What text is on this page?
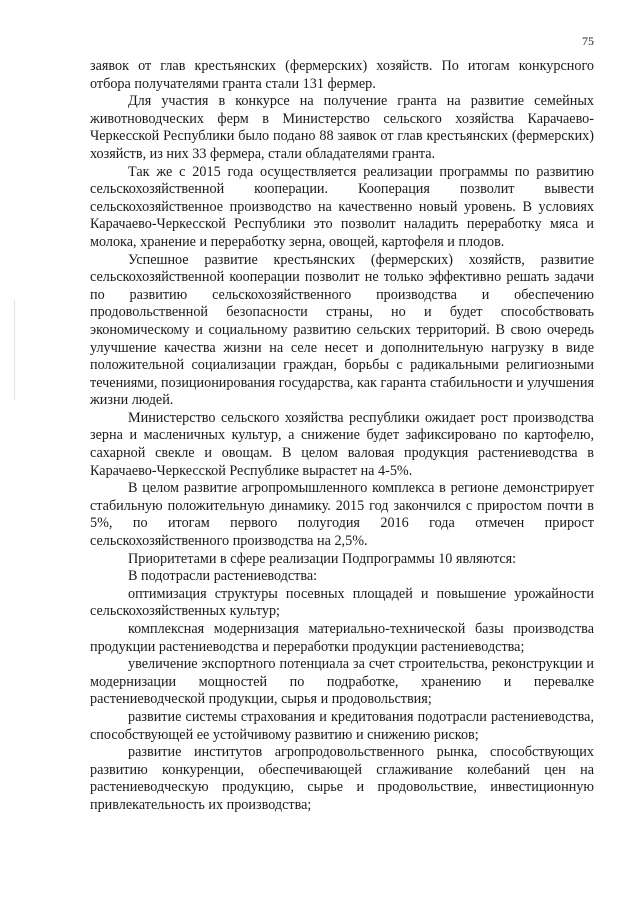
75

заявок от глав крестьянских (фермерских) хозяйств. По итогам конкурсного отбора получателями гранта стали 131 фермер.

Для участия в конкурсе на получение гранта на развитие семейных животноводческих ферм в Министерство сельского хозяйства Карачаево-Черкесской Республики было подано 88 заявок от глав крестьянских (фермерских) хозяйств, из них 33 фермера, стали обладателями гранта.

Так же с 2015 года осуществляется реализации программы по развитию сельскохозяйственной кооперации. Кооперация позволит вывести сельскохозяйственное производство на качественно новый уровень. В условиях Карачаево-Черкесской Республики это позволит наладить переработку мяса и молока, хранение и переработку зерна, овощей, картофеля и плодов.

Успешное развитие крестьянских (фермерских) хозяйств, развитие сельскохозяйственной кооперации позволит не только эффективно решать задачи по развитию сельскохозяйственного производства и обеспечению продовольственной безопасности страны, но и будет способствовать экономическому и социальному развитию сельских территорий. В свою очередь улучшение качества жизни на селе несет и дополнительную нагрузку в виде положительной социализации граждан, борьбы с радикальными религиозными течениями, позиционирования государства, как гаранта стабильности и улучшения жизни людей.

Министерство сельского хозяйства республики ожидает рост производства зерна и масленичных культур, а снижение будет зафиксировано по картофелю, сахарной свекле и овощам. В целом валовая продукция растениеводства в Карачаево-Черкесской Республике вырастет на 4-5%.

В целом развитие агропромышленного комплекса в регионе демонстрирует стабильную положительную динамику. 2015 год закончился с приростом почти в 5%, по итогам первого полугодия 2016 года отмечен прирост сельскохозяйственного производства на 2,5%.

Приоритетами в сфере реализации Подпрограммы 10 являются:

В подотрасли растениеводства:

оптимизация структуры посевных площадей и повышение урожайности сельскохозяйственных культур;

комплексная модернизация материально-технической базы производства продукции растениеводства и переработки продукции растениеводства;

увеличение экспортного потенциала за счет строительства, реконструкции и модернизации мощностей по подработке, хранению и перевалке растениеводческой продукции, сырья и продовольствия;

развитие системы страхования и кредитования подотрасли растениеводства, способствующей ее устойчивому развитию и снижению рисков;

развитие институтов агропродовольственного рынка, способствующих развитию конкуренции, обеспечивающей сглаживание колебаний цен на растениеводческую продукцию, сырье и продовольствие, инвестиционную привлекательность их производства;
